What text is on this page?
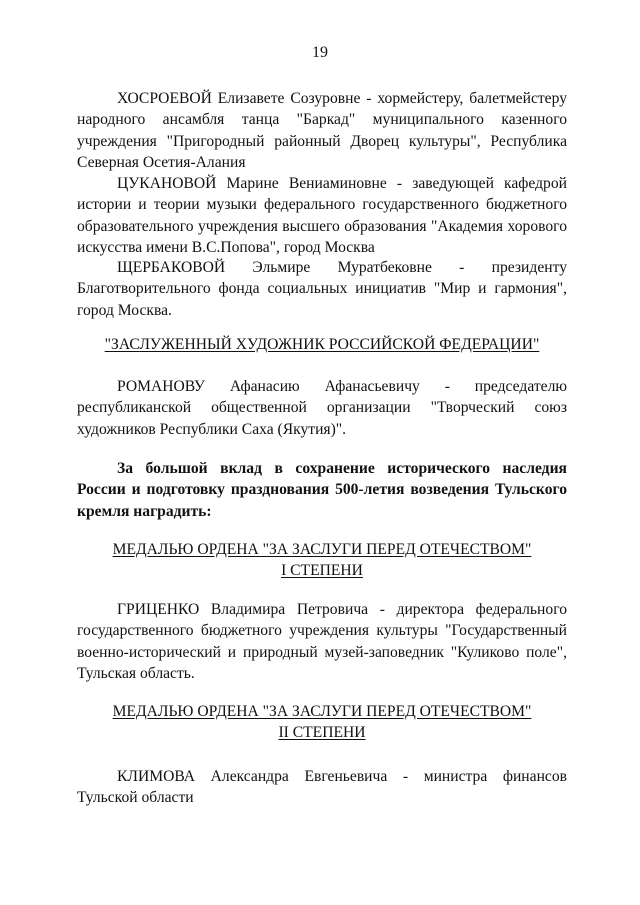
19

ХОСРОЕВОЙ Елизавете Созуровне - хормейстеру, балетмейстеру народного ансамбля танца "Баркад" муниципального казенного учреждения "Пригородный районный Дворец культуры", Республика Северная Осетия-Алания

ЦУКАНОВОЙ Марине Вениаминовне - заведующей кафедрой истории и теории музыки федерального государственного бюджетного образовательного учреждения высшего образования "Академия хорового искусства имени В.С.Попова", город Москва

ЩЕРБАКОВОЙ Эльмире Муратбековне - президенту Благотворительного фонда социальных инициатив "Мир и гармония", город Москва.

"ЗАСЛУЖЕННЫЙ ХУДОЖНИК РОССИЙСКОЙ ФЕДЕРАЦИИ"

РОМАНОВУ Афанасию Афанасьевичу - председателю республиканской общественной организации "Творческий союз художников Республики Саха (Якутия)".

За большой вклад в сохранение исторического наследия России и подготовку празднования 500-летия возведения Тульского кремля наградить:

МЕДАЛЬЮ ОРДЕНА "ЗА ЗАСЛУГИ ПЕРЕД ОТЕЧЕСТВОМ"
I СТЕПЕНИ

ГРИЦЕНКО Владимира Петровича - директора федерального государственного бюджетного учреждения культуры "Государственный военно-исторический и природный музей-заповедник "Куликово поле", Тульская область.

МЕДАЛЬЮ ОРДЕНА "ЗА ЗАСЛУГИ ПЕРЕД ОТЕЧЕСТВОМ"
II СТЕПЕНИ

КЛИМОВА Александра Евгеньевича - министра финансов Тульской области
